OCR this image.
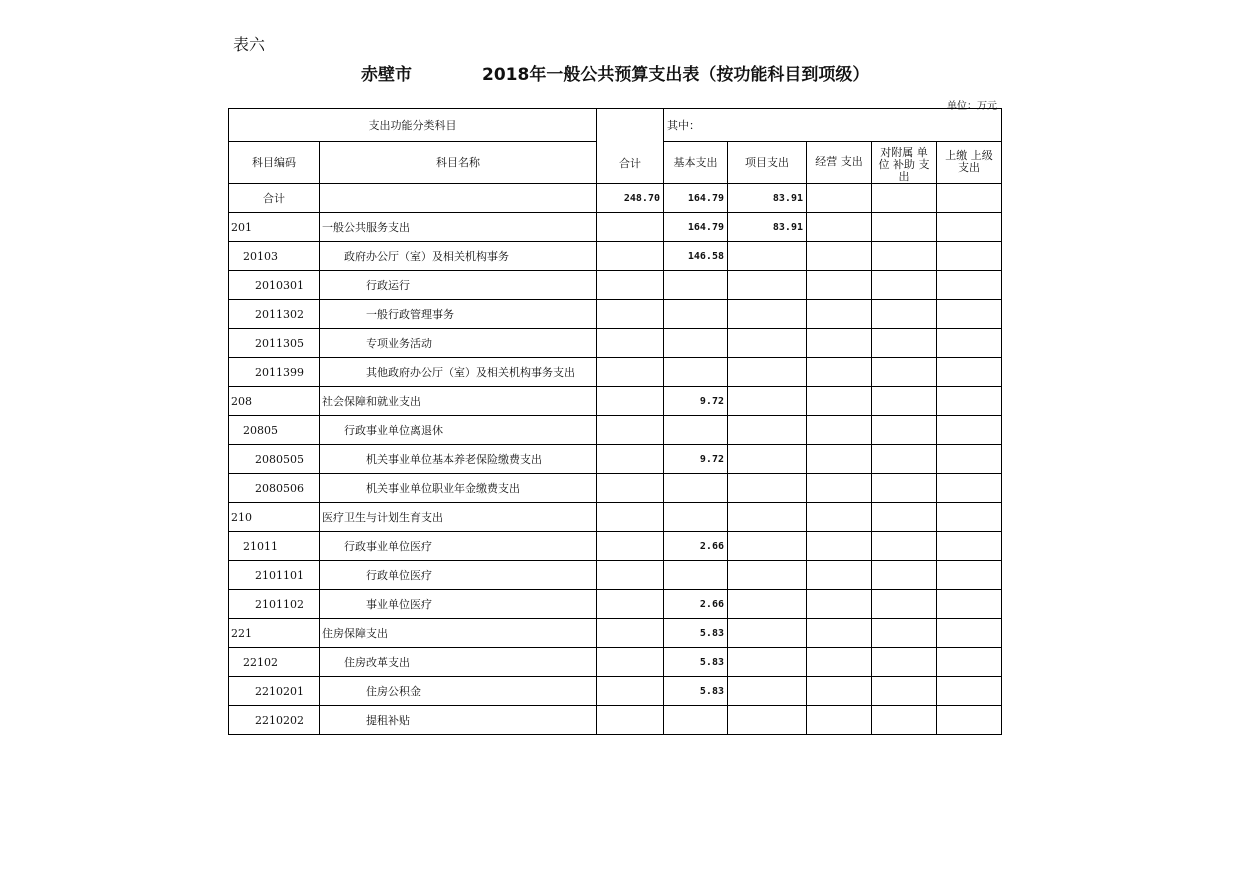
表六
赤壁市	2018年一般公共预算支出表（按功能科目到项级）
单位：万元
支出功能分类科目		合计	其中：				
科目编码	科目名称		基本支出	项目支出	经营 支出	对附属 单位 补助 支出	上缴 上级 支出
合计		248.70	164.79	83.91			
201	一般公共服务支出		164.79	83.91			
20103	政府办公厅（室）及相关机构事务		146.58				
2010301	行政运行						
2011302	一般行政管理事务						
2011305	专项业务活动						
2011399	其他政府办公厅（室）及相关机构事务支出						
208	社会保障和就业支出		9.72				
20805	行政事业单位离退休						
2080505	机关事业单位基本养老保险缴费支出		9.72				
2080506	机关事业单位职业年金缴费支出						
210	医疗卫生与计划生育支出						
21011	行政事业单位医疗		2.66				
2101101	行政单位医疗						
2101102	事业单位医疗		2.66				
221	住房保障支出		5.83				
22102	住房改革支出		5.83				
2210201	住房公积金		5.83				
2210202	提租补贴						
